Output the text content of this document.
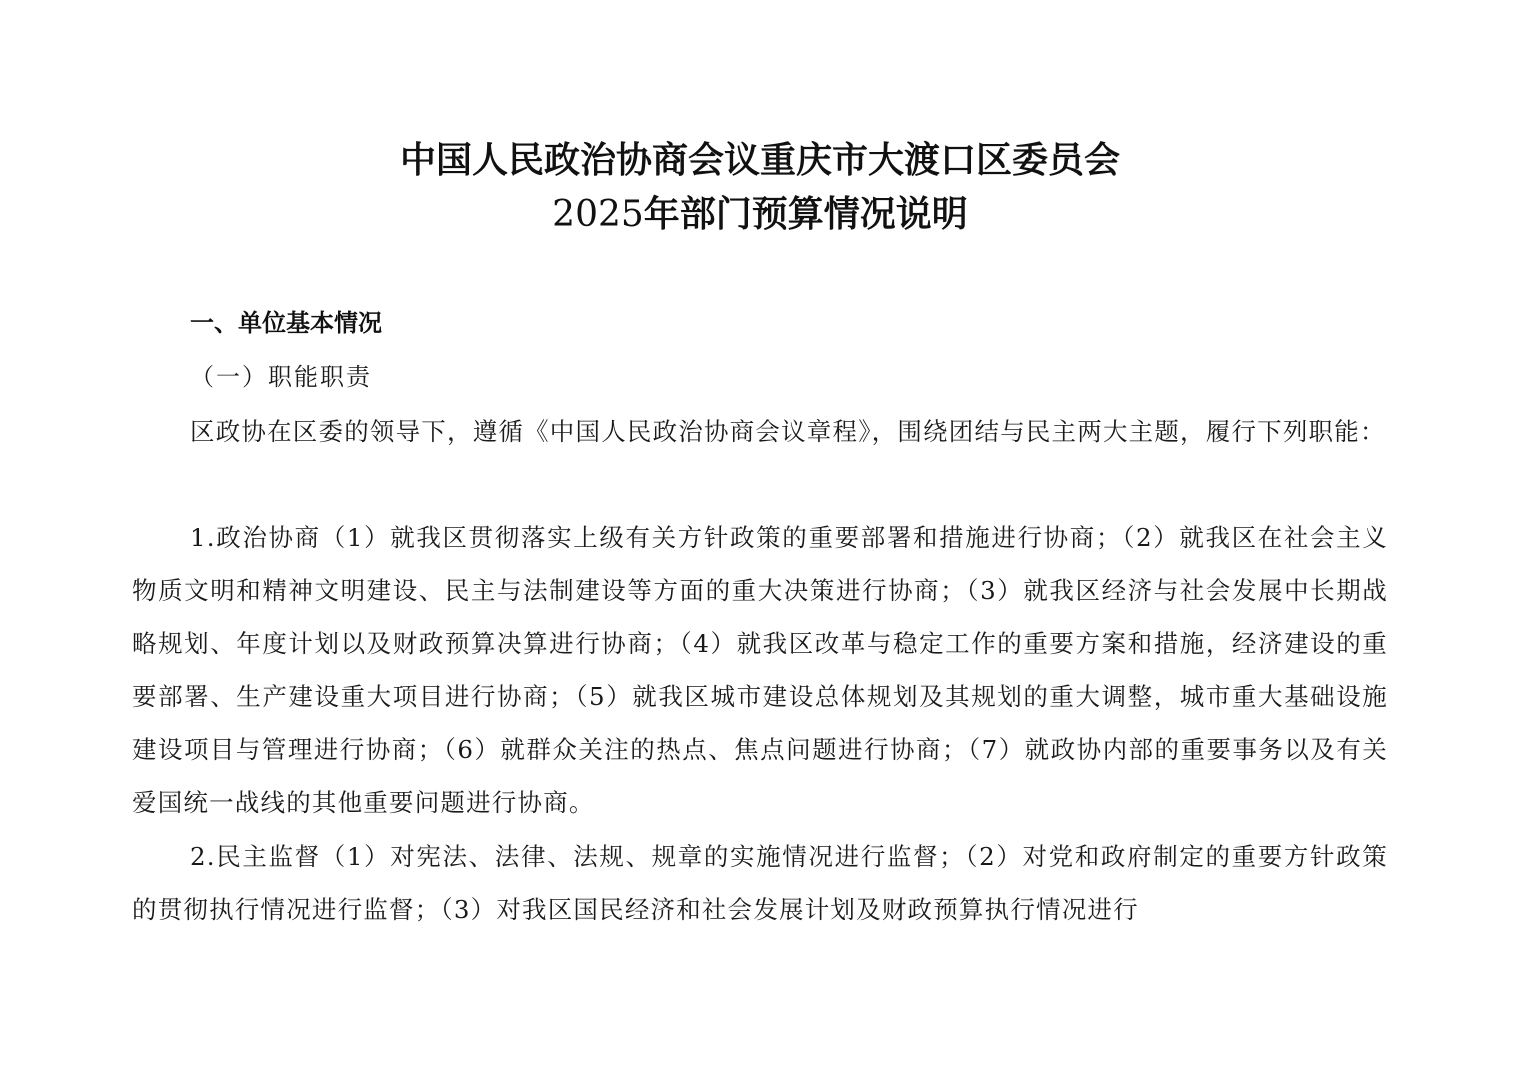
中国人民政治协商会议重庆市大渡口区委员会
2025年部门预算情况说明
一、单位基本情况
（一）职能职责

区政协在区委的领导下，遵循《中国人民政治协商会议章程》，围绕团结与民主两大主题，履行下列职能：

1.政治协商（1）就我区贯彻落实上级有关方针政策的重要部署和措施进行协商；（2）就我区在社会主义物质文明和精神文明建设、民主与法制建设等方面的重大决策进行协商；（3）就我区经济与社会发展中长期战略规划、年度计划以及财政预算决算进行协商；（4）就我区改革与稳定工作的重要方案和措施，经济建设的重要部署、生产建设重大项目进行协商；（5）就我区城市建设总体规划及其规划的重大调整，城市重大基础设施建设项目与管理进行协商；（6）就群众关注的热点、焦点问题进行协商；（7）就政协内部的重要事务以及有关爱国统一战线的其他重要问题进行协商。

2.民主监督（1）对宪法、法律、法规、规章的实施情况进行监督；（2）对党和政府制定的重要方针政策的贯彻执行情况进行监督；（3）对我区国民经济和社会发展计划及财政预算执行情况进行
